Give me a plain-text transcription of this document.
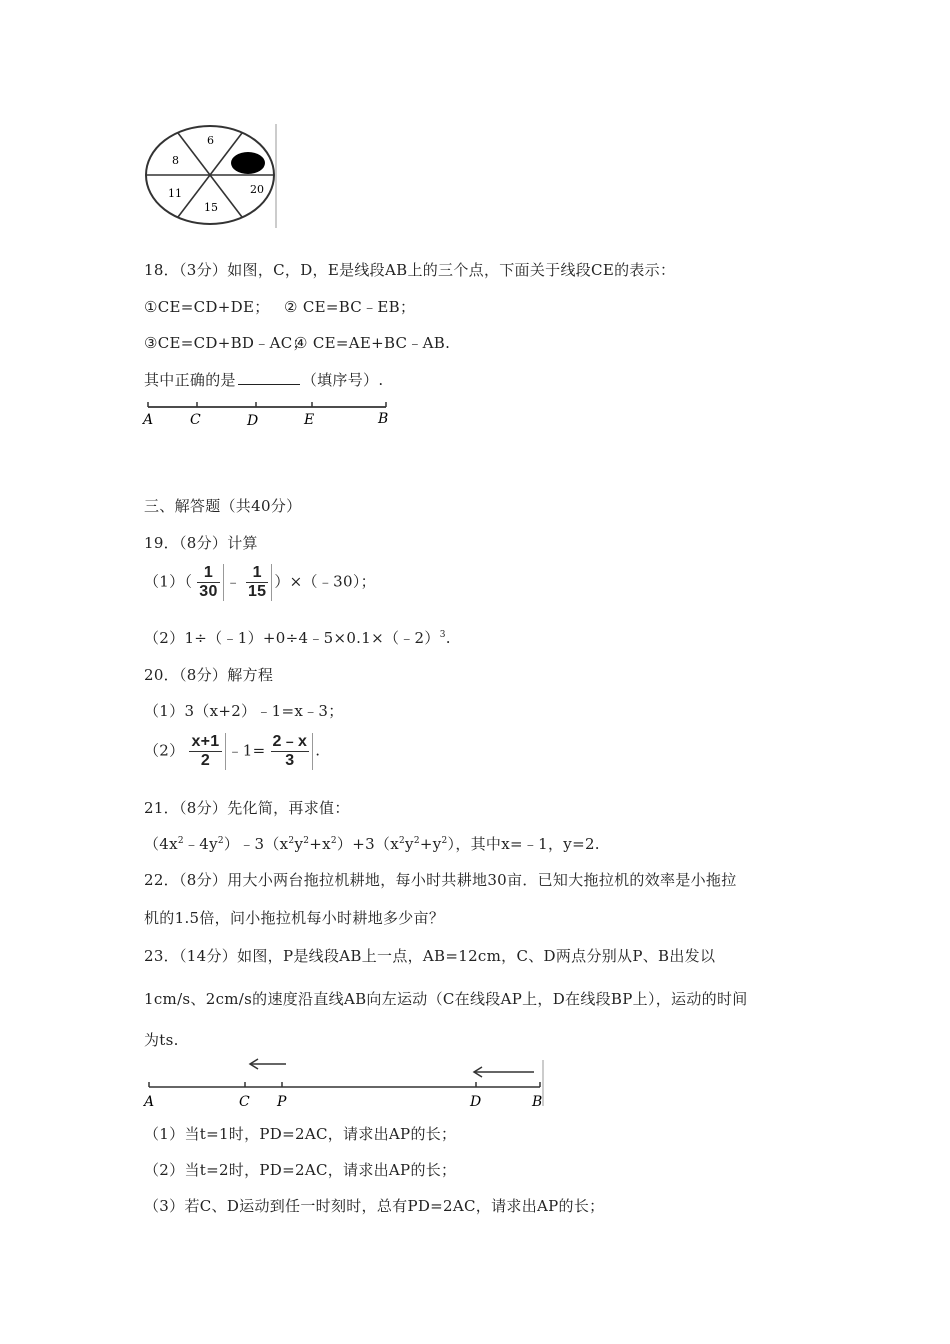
6
8
11
15
20
18．（3分）如图，C，D，E是线段AB上的三个点，下面关于线段CE的表示：
①CE=CD+DE； ② CE=BC﹣EB；
③CE=CD+BD﹣AC；
④ CE=AE+BC﹣AB.
其中正确的是	（填序号）.
A	C	D	E	B
三、解答题（共40分）
19．（8分）计算
$(1)( \frac{1}{30}$ ﹣ $\frac{1}{15}$ ）×（﹣30）；
（2）1÷（﹣1）+0÷4﹣5×0.1×（﹣2）$^3$.
20．（8分）解方程
（1）3（x+2）﹣1=x﹣3；
$(2) \frac{x+1}{2}$ ﹣1= $\frac{2﹣x}{3}$ .
21．（8分）先化简，再求值：
$(4x^2﹣4y^2)﹣3(x^2y^2+x^2)+3(x^2y^2+y^2)$，其中x=﹣1，y=2.
22．（8分）用大小两台拖拉机耕地，每小时共耕地30亩．已知大拖拉机的效率是小拖拉
机的1.5倍，问小拖拉机每小时耕地多少亩？
23．（14分）如图，P是线段AB上一点，AB=12cm，C、D两点分别从P、B出发以
1cm/s、2cm/s的速度沿直线AB向左运动（C在线段AP上，D在线段BP上），运动的时间
为ts.
A	C P	D	B
（1）当t=1时，PD=2AC，请求出AP的长；
（2）当t=2时，PD=2AC，请求出AP的长；
（3）若C、D运动到任一时刻时，总有PD=2AC，请求出AP的长；
